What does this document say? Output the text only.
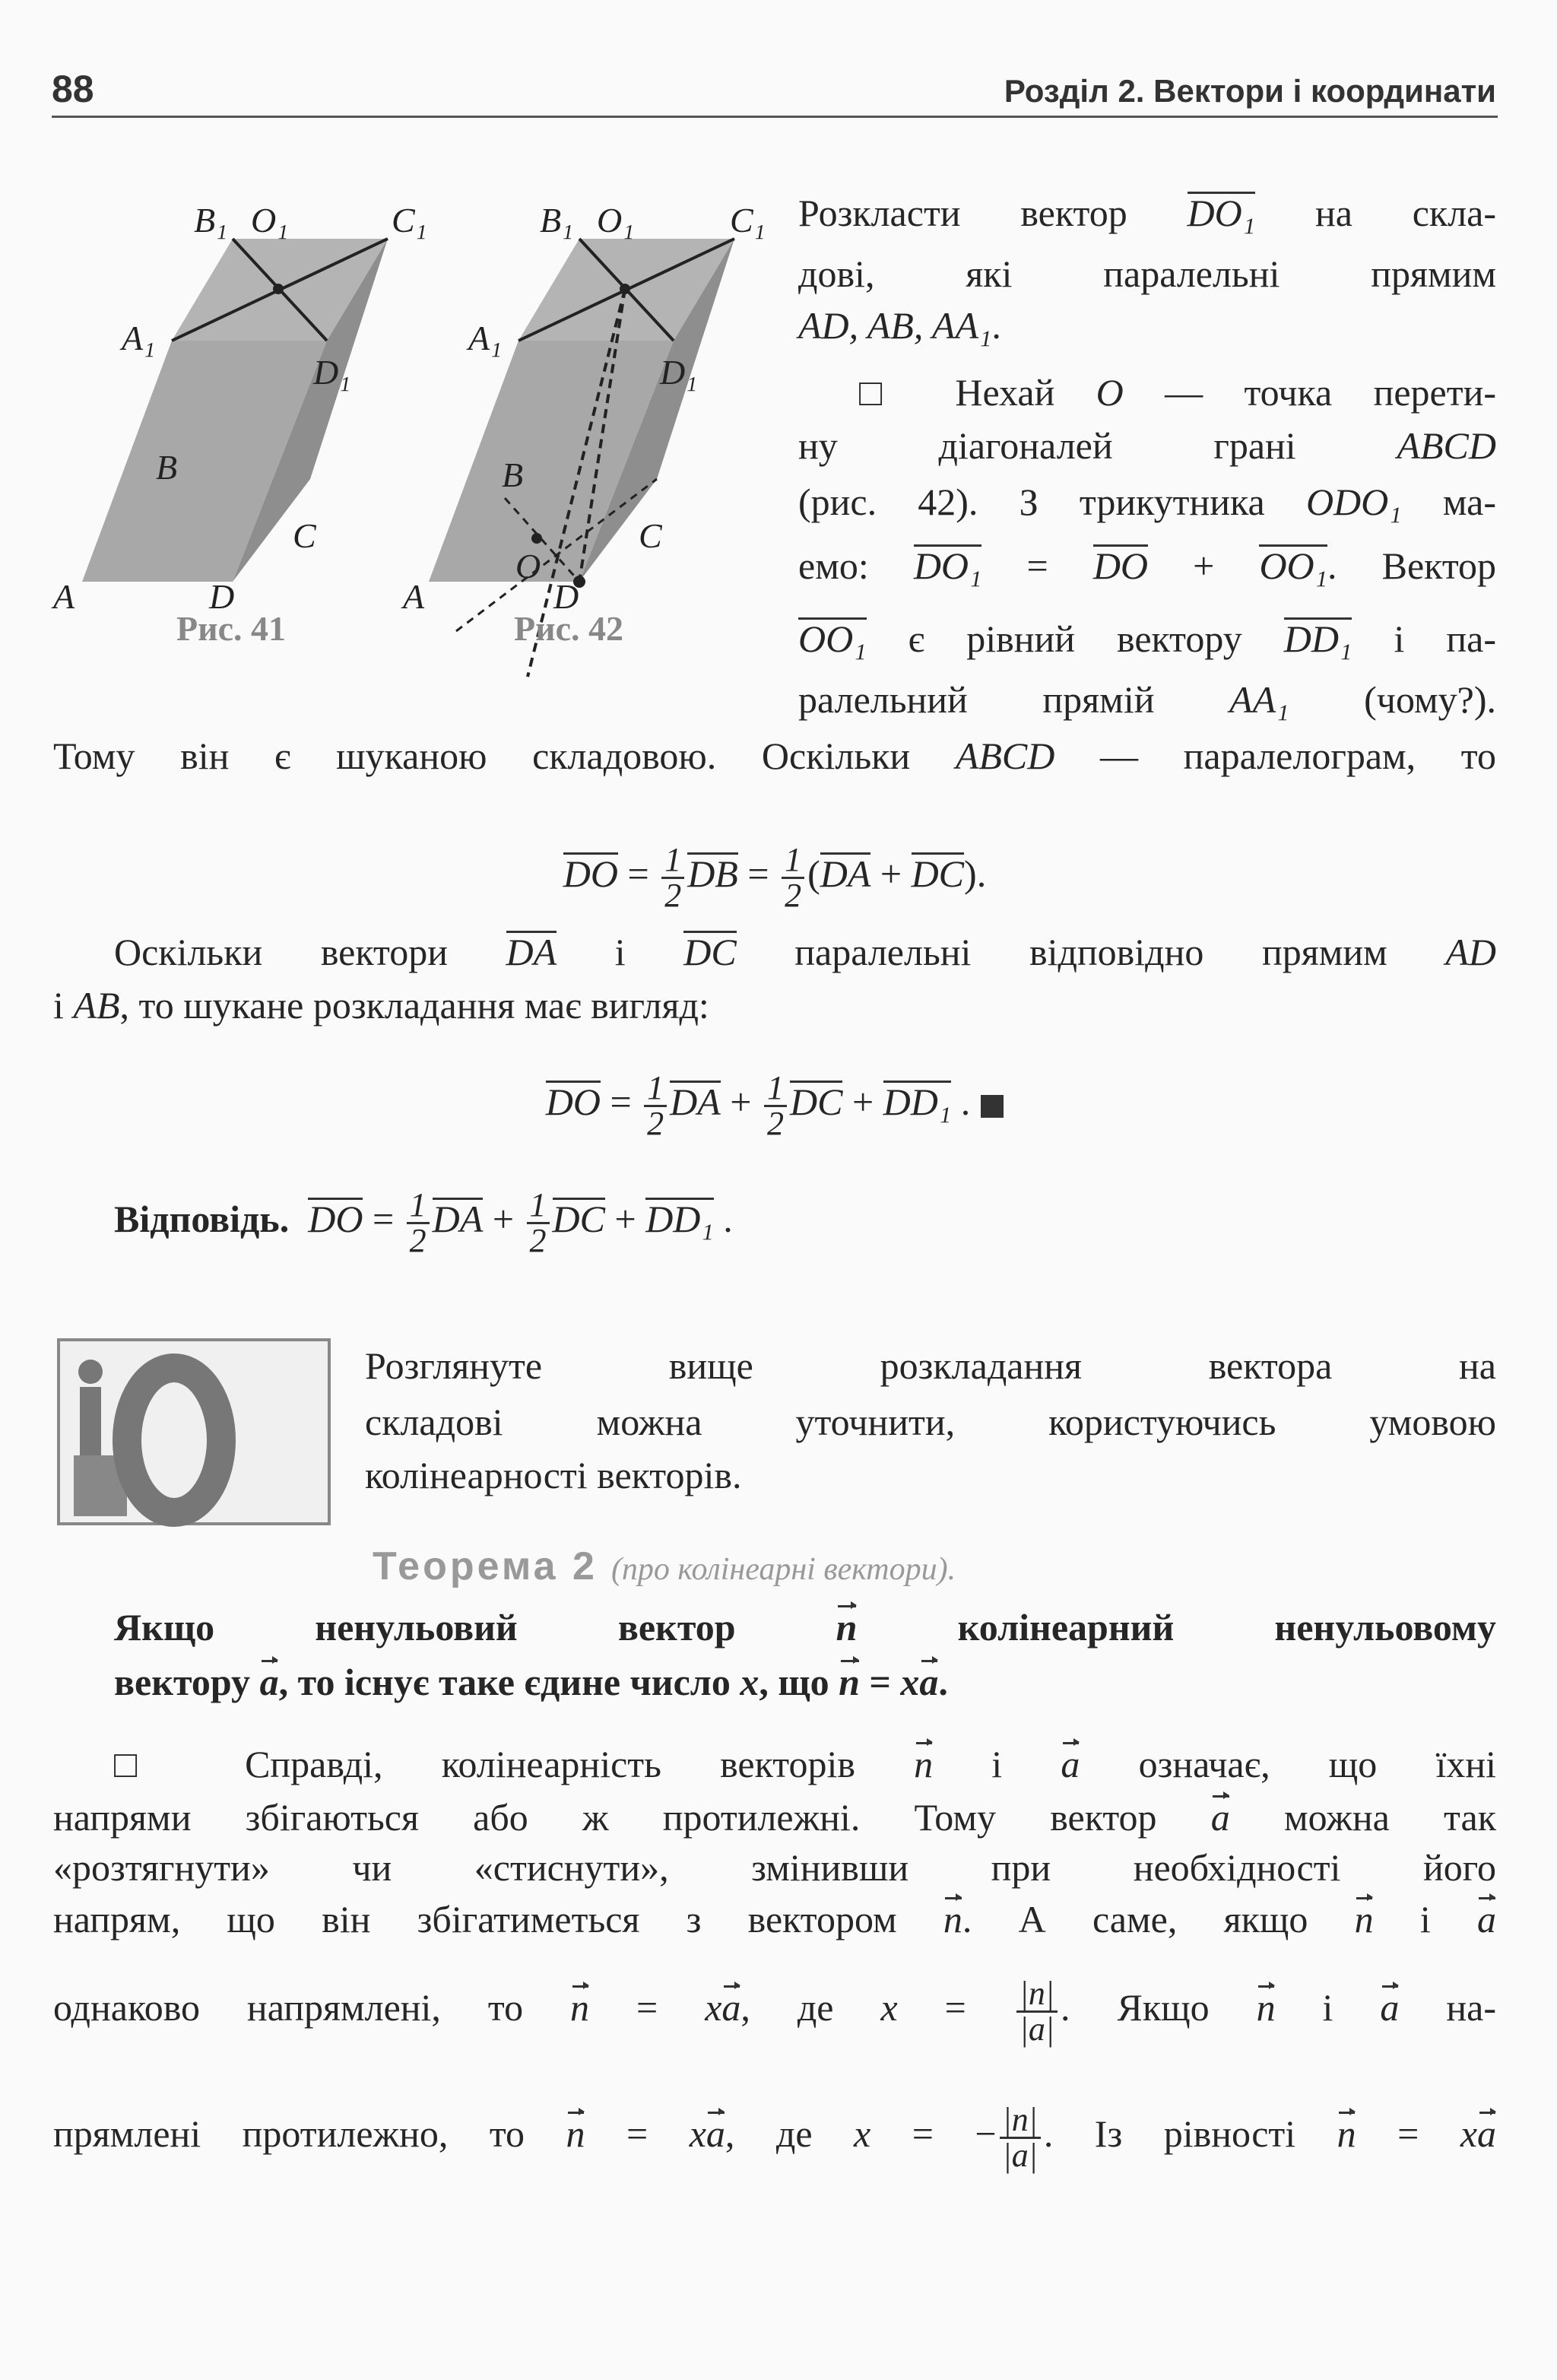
88	Розділ 2. Вектори і координати
B₁ O₁	C₁
A₁
D₁
B
C
A	D
Рис. 41
B₁ O₁	C₁
A₁
D₁
B
C
O
A	D
Рис. 42
Розкласти вектор DO₁ на скла-
дові, які паралельні прямим
AD, AB, AA₁.
□ Нехай O — точка перети-
ну діагоналей грані ABCD
(рис. 42). З трикутника ODO₁ ма-
емо: DO₁ = DO + OO₁. Вектор
OO₁ є рівний вектору DD₁ і па-
ралельний прямій AA₁ (чому?).
Тому він є шуканою складовою. Оскільки ABCD — паралелограм, то
DO = $\frac{1}{2}$ DB = $\frac{1}{2} (DA + DC)$.
Оскільки вектори DA і DC паралельні відповідно прямим AD
і AB, то шукане розкладання має вигляд:
DO = $\frac{1}{2}$ DA + $\frac{1}{2}$ DC + DD₁ .
Відповідь. DO = $\frac{1}{2}$ DA + $\frac{1}{2}$ DC + DD₁ .
Розглянуте вище розкладання вектора на
складові можна уточнити, користуючись умовою
колінеарності векторів.
Теорема 2 (про колінеарні вектори).
Якщо ненульовий вектор n колінеарний ненульовому
вектору a, то існує таке єдине число x, що n = xa.
□ Справді, колінеарність векторів n і a означає, що їхні
напрями збігаються або ж протилежні. Тому вектор a можна так
«розтягнути» чи «стиснути», змінивши при необхідності його
напрям, що він збігатиметься з вектором n. А саме, якщо n і a
однаково напрямлені, то n = xa, де $x = \frac{|n|}{|a|}$ . Якщо n і a на-
прямлені протилежно, то n = xa, де x = − $\frac{|n|}{|a|}$ . Із рівності n = xa
